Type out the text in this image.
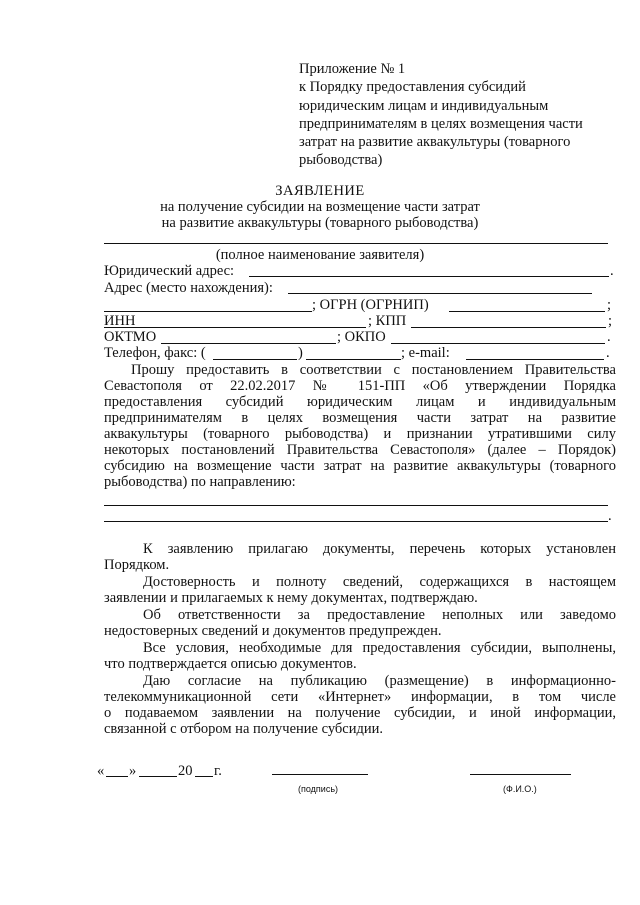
Приложение № 1
к Порядку предоставления субсидий
юридическим лицам и индивидуальным
предпринимателям в целях возмещения части
затрат на развитие аквакультуры (товарного
рыбоводства)
ЗАЯВЛЕНИЕ
на получение субсидии на возмещение части затрат
на развитие аквакультуры (товарного рыбоводства)
(полное наименование заявителя)
Юридический адрес:	.
Адрес (место нахождения):
; ОГРН (ОГРНИП)	;
ИНН	; КПП	;
ОКТМО	; ОКПО	.
Телефон, факс: (	)	; e-mail:	.
Прошу предоставить в соответствии с постановлением Правительства
Севастополя от 22.02.2017 № 151-ПП «Об утверждении Порядка
предоставления субсидий юридическим лицам и индивидуальным
предпринимателям в целях возмещения части затрат на развитие
аквакультуры (товарного рыбоводства) и признании утратившими силу
некоторых постановлений Правительства Севастополя» (далее – Порядок)
субсидию на возмещение части затрат на развитие аквакультуры (товарного
рыбоводства) по направлению:
.
К заявлению прилагаю документы, перечень которых установлен
Порядком.
Достоверность и полноту сведений, содержащихся в настоящем
заявлении и прилагаемых к нему документах, подтверждаю.
Об ответственности за предоставление неполных или заведомо
недостоверных сведений и документов предупрежден.
Все условия, необходимые для предоставления субсидии, выполнены,
что подтверждается описью документов.
Даю согласие на публикацию (размещение) в информационно-
телекоммуникационной сети «Интернет» информации, в том числе
о подаваемом заявлении на получение субсидии, и иной информации,
связанной с отбором на получение субсидии.
« »	20 г.
(подпись)	(Ф.И.О.)
